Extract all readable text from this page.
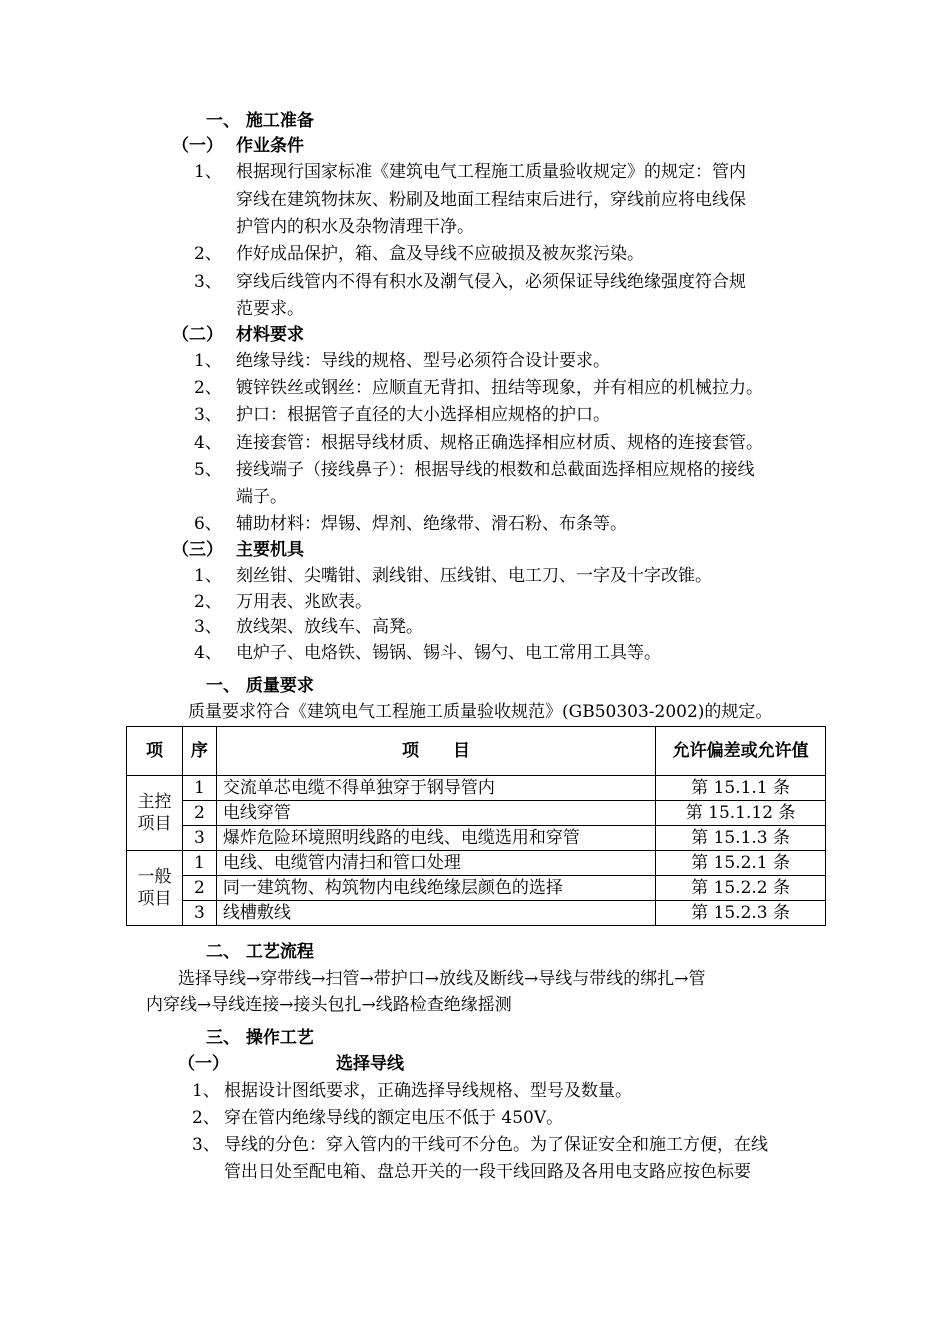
一、 施工准备
（一） 作业条件
1、 根据现行国家标准《建筑电气工程施工质量验收规定》的规定：管内
穿线在建筑物抹灰、粉刷及地面工程结束后进行，穿线前应将电线保
护管内的积水及杂物清理干净。
2、 作好成品保护，箱、盒及导线不应破损及被灰浆污染。
3、 穿线后线管内不得有积水及潮气侵入，必须保证导线绝缘强度符合规
范要求。
（二） 材料要求
1、 绝缘导线：导线的规格、型号必须符合设计要求。
2、 镀锌铁丝或钢丝：应顺直无背扣、扭结等现象，并有相应的机械拉力。
3、 护口：根据管子直径的大小选择相应规格的护口。
4、 连接套管：根据导线材质、规格正确选择相应材质、规格的连接套管。
5、 接线端子（接线鼻子）：根据导线的根数和总截面选择相应规格的接线
端子。
6、 辅助材料：焊锡、焊剂、绝缘带、滑石粉、布条等。
（三） 主要机具
1、 刻丝钳、尖嘴钳、剥线钳、压线钳、电工刀、一字及十字改锥。
2、 万用表、兆欧表。
3、 放线架、放线车、高凳。
4、 电炉子、电烙铁、锡锅、锡斗、锡勺、电工常用工具等。
一、 质量要求
质量要求符合《建筑电气工程施工质量验收规范》(GB50303-2002)的规定。
项	序	项　　目	允许偏差或允许值
主控项目	1	交流单芯电缆不得单独穿于钢导管内	第 15.1.1 条
	2	电线穿管	第 15.1.12 条
	3	爆炸危险环境照明线路的电线、电缆选用和穿管	第 15.1.3 条
一般项目	1	电线、电缆管内清扫和管口处理	第 15.2.1 条
	2	同一建筑物、构筑物内电线绝缘层颜色的选择	第 15.2.2 条
	3	线槽敷线	第 15.2.3 条
二、 工艺流程
选择导线→穿带线→扫管→带护口→放线及断线→导线与带线的绑扎→管
内穿线→导线连接→接头包扎→线路检查绝缘摇测
三、 操作工艺
（一）	选择导线
1、 根据设计图纸要求，正确选择导线规格、型号及数量。
2、 穿在管内绝缘导线的额定电压不低于 450V。
3、 导线的分色：穿入管内的干线可不分色。为了保证安全和施工方便，在线
管出日处至配电箱、盘总开关的一段干线回路及各用电支路应按色标要
